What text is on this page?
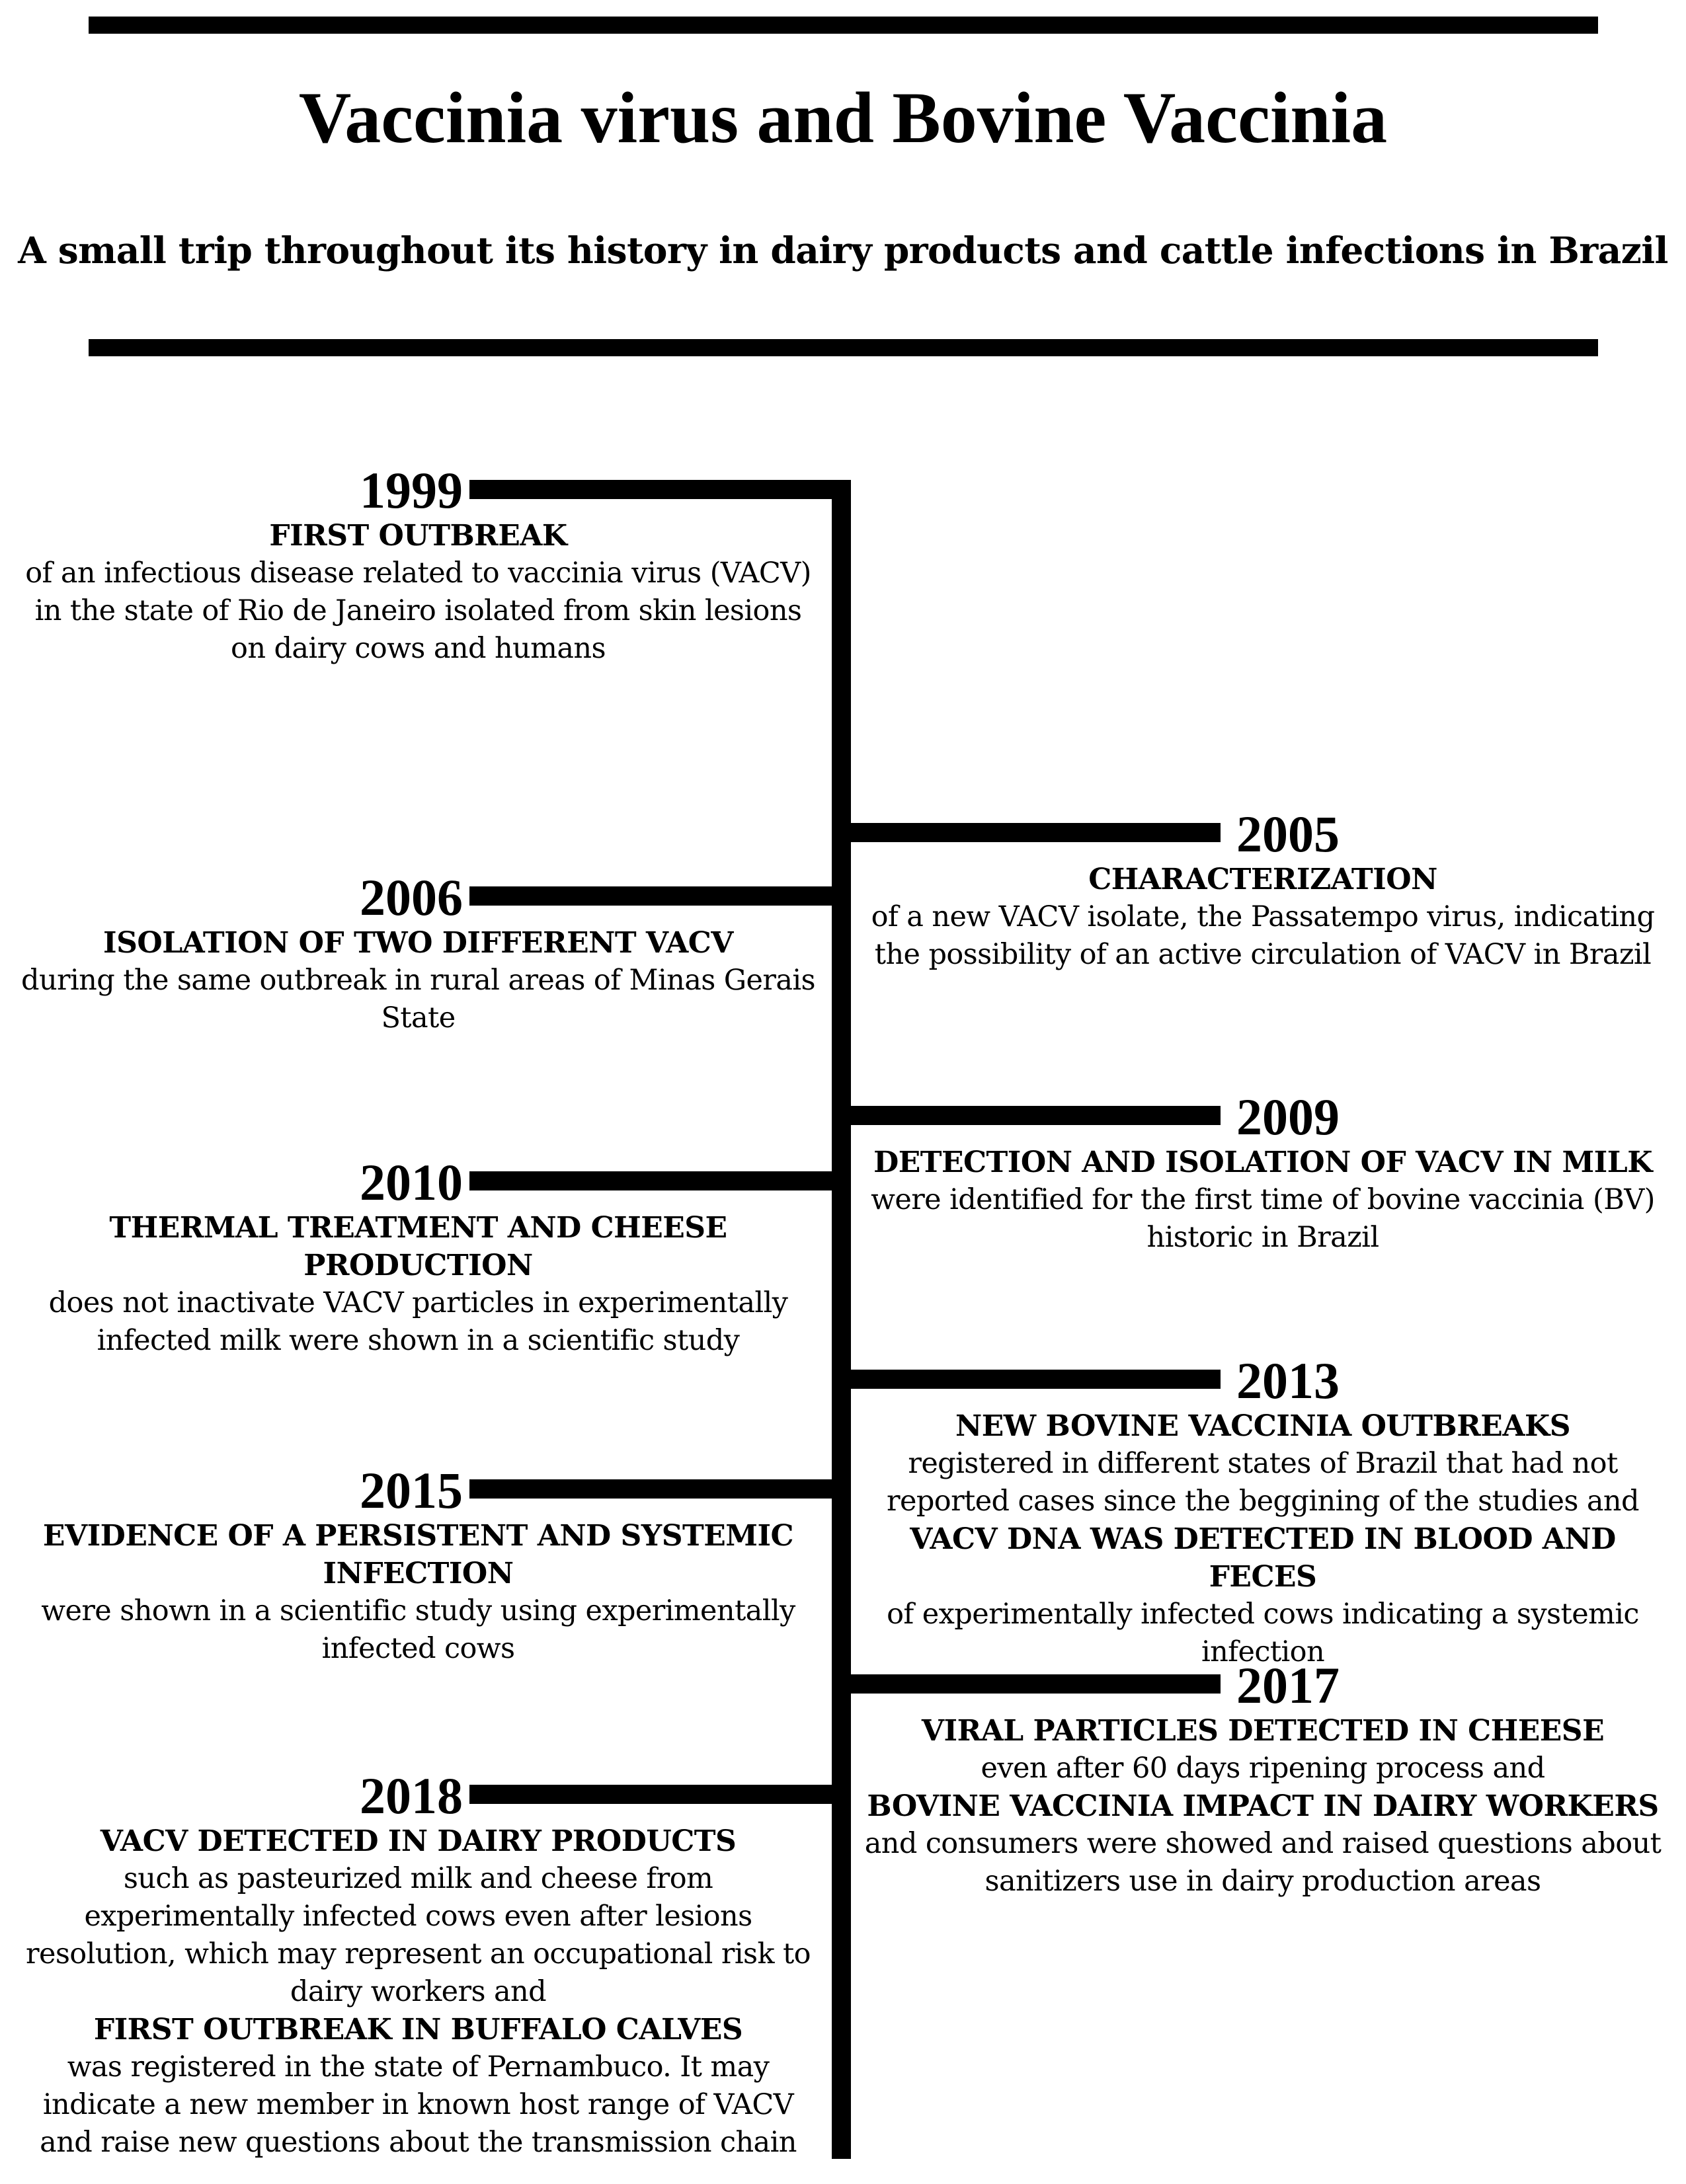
Vaccinia virus and Bovine Vaccinia
A small trip throughout its history in dairy products and cattle infections in Brazil
1999
FIRST OUTBREAK
of an infectious disease related to vaccinia virus (VACV) in the state of Rio de Janeiro isolated from skin lesions on dairy cows and humans
2005
CHARACTERIZATION
of a new VACV isolate, the Passatempo virus, indicating the possibility of an active circulation of VACV in Brazil
2006
ISOLATION OF TWO DIFFERENT VACV
during the same outbreak in rural areas of Minas Gerais State
2009
DETECTION AND ISOLATION OF VACV IN MILK
were identified for the first time of bovine vaccinia (BV) historic in Brazil
2010
THERMAL TREATMENT AND CHEESE PRODUCTION
does not inactivate VACV particles in experimentally infected milk were shown in a scientific study
2013
NEW BOVINE VACCINIA OUTBREAKS
registered in different states of Brazil that had not reported cases since the beggining of the studies and
VACV DNA WAS DETECTED IN BLOOD AND FECES
of experimentally infected cows indicating a systemic infection
2015
EVIDENCE OF A PERSISTENT AND SYSTEMIC INFECTION
were shown in a scientific study using experimentally infected cows
2017
VIRAL PARTICLES DETECTED IN CHEESE
even after 60 days ripening process and
BOVINE VACCINIA IMPACT IN DAIRY WORKERS
and consumers were showed and raised questions about sanitizers use in dairy production areas
2018
VACV DETECTED IN DAIRY PRODUCTS
such as pasteurized milk and cheese from experimentally infected cows even after lesions resolution, which may represent an occupational risk to dairy workers and
FIRST OUTBREAK IN BUFFALO CALVES
was registered in the state of Pernambuco. It may indicate a new member in known host range of VACV and raise new questions about the transmission chain
